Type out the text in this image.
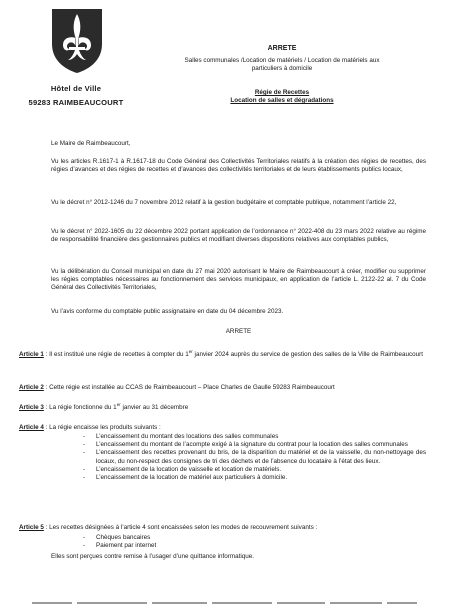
Hôtel de Ville
59283 RAIMBEAUCOURT
ARRETE
Salles communales /Location de matériels / Location de matériels aux particuliers à domicile
Régie de Recettes
Location de salles et dégradations
Le Maire de Raimbeaucourt,
Vu les articles R.1617-1 à R.1617-18 du Code Général des Collectivités Territoriales relatifs à la création des régies de recettes, des régies d’avances et des régies de recettes et d’avances des collectivités territoriales et de leurs établissements publics locaux,
Vu le décret n° 2012-1246 du 7 novembre 2012 relatif à la gestion budgétaire et comptable publique, notamment l’article 22,
Vu le décret n° 2022-1605 du 22 décembre 2022 portant application de l’ordonnance n° 2022-408 du 23 mars 2022 relative au régime de responsabilité financière des gestionnaires publics et modifiant diverses dispositions relatives aux comptables publics,
Vu la délibération du Conseil municipal en date du 27 mai 2020 autorisant le Maire de Raimbeaucourt à créer, modifier ou supprimer les régies comptables nécessaires au fonctionnement des services municipaux, en application de l’article L. 2122-22 al. 7 du Code Général des Collectivités Territoriales,
Vu l’avis conforme du comptable public assignataire en date du 04 décembre 2023.
ARRETE
Article 1 : Il est institué une régie de recettes à compter du 1er janvier 2024 auprès du service de gestion des salles de la Ville de Raimbeaucourt
Article 2 : Cette régie est installée au CCAS de Raimbeaucourt – Place Charles de Gaulle 59283 Raimbeaucourt
Article 3 : La régie fonctionne du 1er janvier au 31 décembre
Article 4 : La régie encaisse les produits suivants :
- L’encaissement du montant des locations des salles communales
- L’encaissement du montant de l’acompte exigé à la signature du contrat pour la location des salles communales
- L’encaissement des recettes provenant du bris, de la disparition du matériel et de la vaisselle, du non-nettoyage des locaux, du non-respect des consignes de tri des déchets et de l’absence du locataire à l’état des lieux.
- L’encaissement de la location de vaisselle et location de matériels.
- L’encaissement de la location de matériel aux particuliers à domicile.
Article 5 : Les recettes désignées à l’article 4 sont encaissées selon les modes de recouvrement suivants :
- Chèques bancaires
- Paiement par internet
Elles sont perçues contre remise à l’usager d’une quittance informatique.
